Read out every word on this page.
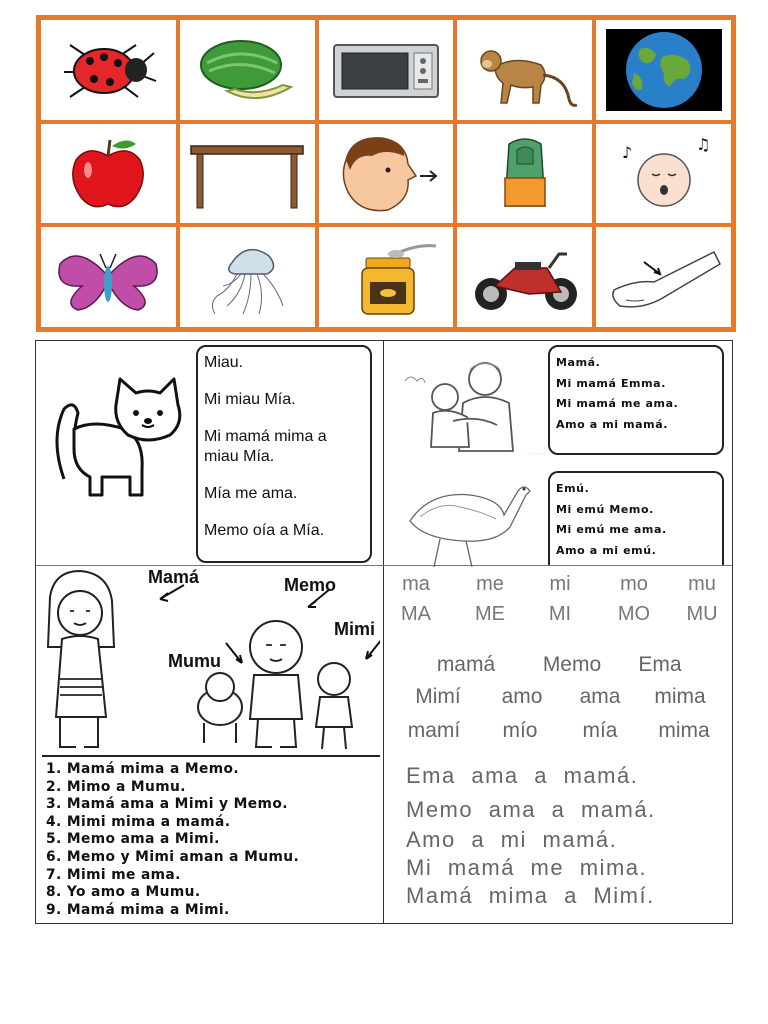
♪	♫

Miau.

Mi miau Mía.

Mi mamá mima a miau Mía.

Mía me ama.

Memo oía a Mía.

· · · · · · · · · ·
Mamá.
Mi mamá Emma.
Mi mamá me ama.
Amo a mi mamá.
Emú.
Mi emú Memo.
Mi emú me ama.
Amo a mi emú.
Mamá	Memo
Mimi
Mumu
1. Mamá mima a Memo.
2. Mimo a Mumu.
3. Mamá ama a Mimi y Memo.
4. Mimi mima a mamá.
5. Memo ama a Mimi.
6. Memo y Mimi aman a Mumu.
7. Mimi me ama.
8. Yo amo a Mumu.
9. Mamá mima a Mimi.
ma	me	mi	mo	mu
MA	ME	MI	MO	MU
mamá	Memo	Ema
Mimí	amo	ama	mima
mamí	mío	mía	mima
Ema ama a mamá.
Memo ama a mamá.
Amo a mi mamá.
Mi mamá me mima.
Mamá mima a Mimí.
